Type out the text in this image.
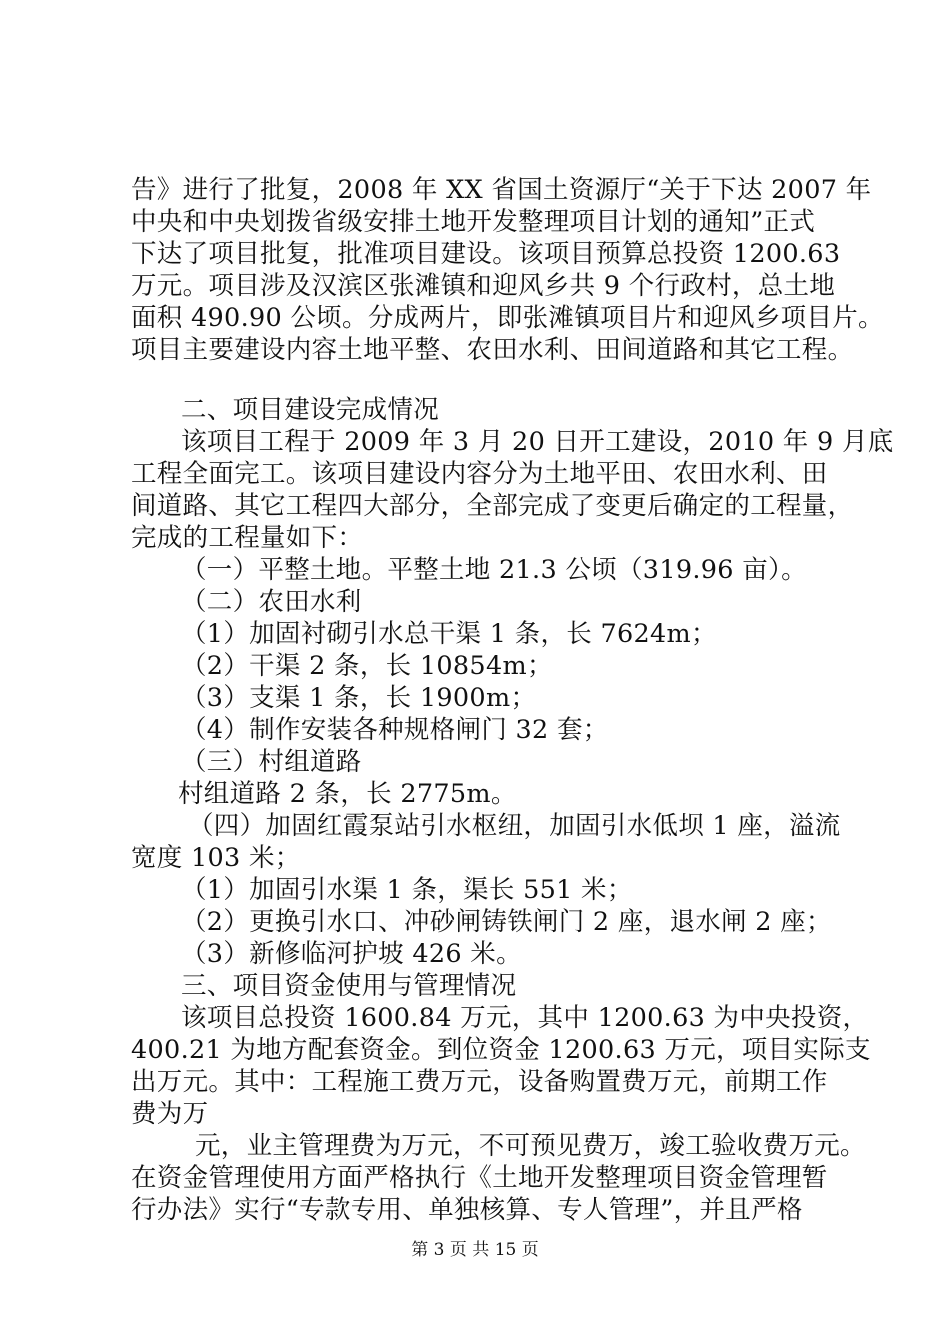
告》进行了批复，2008 年 XX 省国土资源厅“关于下达 2007 年
中央和中央划拨省级安排土地开发整理项目计划的通知”正式
下达了项目批复，批准项目建设。该项目预算总投资 1200.63
万元。项目涉及汉滨区张滩镇和迎风乡共 9 个行政村，总土地
面积 490.90 公顷。分成两片，即张滩镇项目片和迎风乡项目片。
项目主要建设内容土地平整、农田水利、田间道路和其它工程。
二、项目建设完成情况
该项目工程于 2009 年 3 月 20 日开工建设，2010 年 9 月底
工程全面完工。该项目建设内容分为土地平田、农田水利、田
间道路、其它工程四大部分，全部完成了变更后确定的工程量，
完成的工程量如下：
（一）平整土地。平整土地 21.3 公顷（319.96 亩）。
（二）农田水利
（1）加固衬砌引水总干渠 1 条，长 7624m；
（2）干渠 2 条，长 10854m；
（3）支渠 1 条，长 1900m；
（4）制作安装各种规格闸门 32 套；
（三）村组道路
村组道路 2 条，长 2775m。
（四）加固红霞泵站引水枢纽，加固引水低坝 1 座，溢流
宽度 103 米；
（1）加固引水渠 1 条，渠长 551 米；
（2）更换引水口、冲砂闸铸铁闸门 2 座，退水闸 2 座；
（3）新修临河护坡 426 米。
三、项目资金使用与管理情况
该项目总投资 1600.84 万元，其中 1200.63 为中央投资，
400.21 为地方配套资金。到位资金 1200.63 万元，项目实际支
出万元。其中：工程施工费万元，设备购置费万元，前期工作
费为万
元，业主管理费为万元，不可预见费万，竣工验收费万元。
在资金管理使用方面严格执行《土地开发整理项目资金管理暂
行办法》实行“专款专用、单独核算、专人管理”，并且严格
第 3 页 共 15 页
